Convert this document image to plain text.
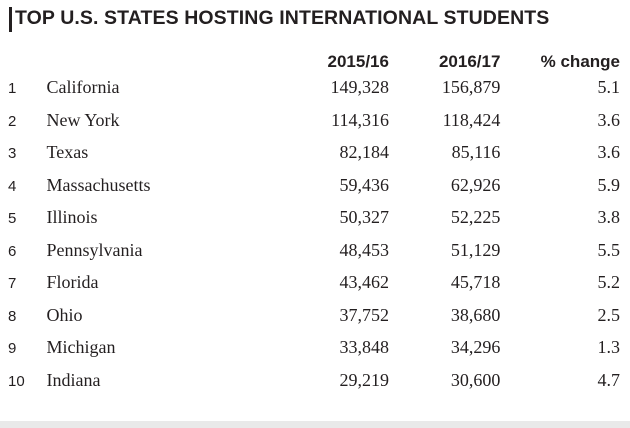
TOP U.S. STATES HOSTING INTERNATIONAL STUDENTS
		2015/16	2016/17	% change
1	California	149,328	156,879	5.1
2	New York	114,316	118,424	3.6
3	Texas	82,184	85,116	3.6
4	Massachusetts	59,436	62,926	5.9
5	Illinois	50,327	52,225	3.8
6	Pennsylvania	48,453	51,129	5.5
7	Florida	43,462	45,718	5.2
8	Ohio	37,752	38,680	2.5
9	Michigan	33,848	34,296	1.3
10	Indiana	29,219	30,600	4.7
